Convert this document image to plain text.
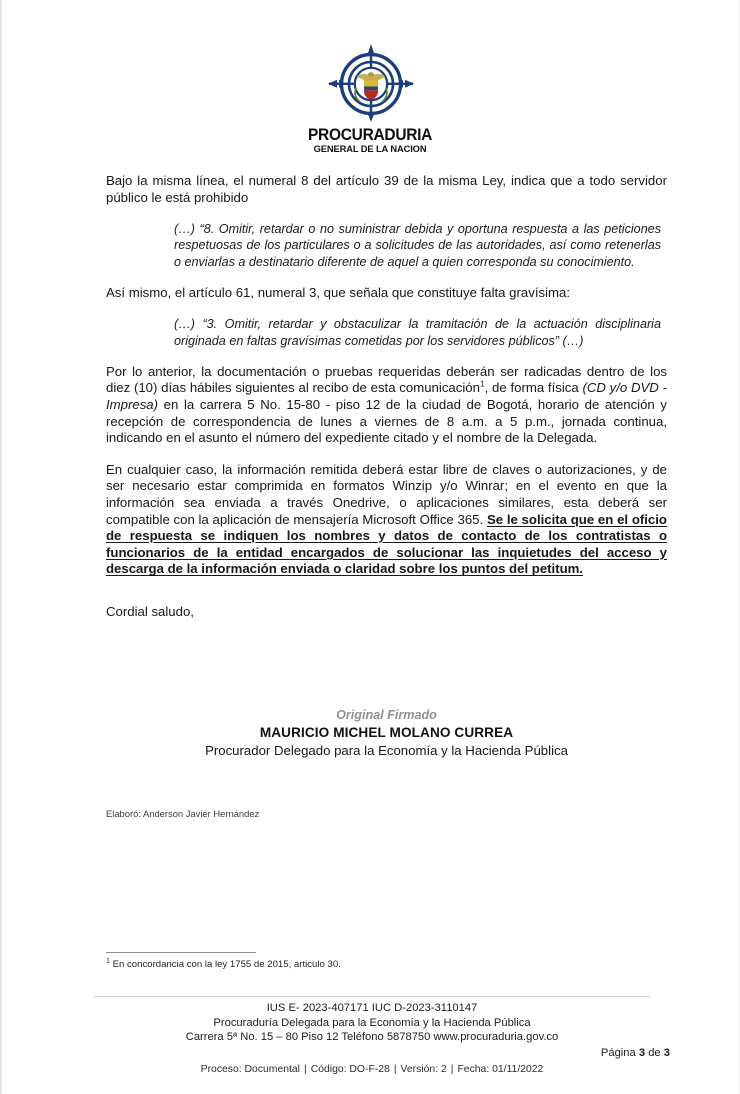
PROCURADURIA
GENERAL DE LA NACION

Bajo la misma línea, el numeral 8 del artículo 39 de la misma Ley, indica que a todo servidor público le está prohibido

(…) “8. Omitir, retardar o no suministrar debida y oportuna respuesta a las peticiones respetuosas de los particulares o a solicitudes de las autoridades, así como retenerlas o enviarlas a destinatario diferente de aquel a quien corresponda su conocimiento.

Así mismo, el artículo 61, numeral 3, que señala que constituye falta gravísima:

(…) “3. Omitir, retardar y obstaculizar la tramitación de la actuación disciplinaria originada en faltas gravísimas cometidas por los servidores públicos” (…)

Por lo anterior, la documentación o pruebas requeridas deberán ser radicadas dentro de los diez (10) días hábiles siguientes al recibo de esta comunicación$^1$, de forma física (CD y/o DVD - Impresa) en la carrera 5 No. 15-80 - piso 12 de la ciudad de Bogotá, horario de atención y recepción de correspondencia de lunes a viernes de 8 a.m. a 5 p.m., jornada continua, indicando en el asunto el número del expediente citado y el nombre de la Delegada.

En cualquier caso, la información remitida deberá estar libre de claves o autorizaciones, y de ser necesario estar comprimida en formatos Winzip y/o Winrar; en el evento en que la información sea enviada a través Onedrive, o aplicaciones similares, esta deberá ser compatible con la aplicación de mensajería Microsoft Office 365. Se le solicita que en el oficio de respuesta se indiquen los nombres y datos de contacto de los contratistas o funcionarios de la entidad encargados de solucionar las inquietudes del acceso y descarga de la información enviada o claridad sobre los puntos del petitum.

Cordial saludo,

Original Firmado
MAURICIO MICHEL MOLANO CURREA
Procurador Delegado para la Economía y la Hacienda Pública
Elaboró: Anderson Javier Hernández
$^1$ En concordancia con la ley 1755 de 2015, articulo 30.
IUS E- 2023-407171 IUC D-2023-3110147
Procuraduría Delegada para la Economía y la Hacienda Pública
Carrera 5ª No. 15 – 80 Piso 12 Teléfono 5878750 www.procuraduria.gov.co
Página 3 de 3
Proceso: Documental | Código: DO-F-28 | Versión: 2 | Fecha: 01/11/2022
